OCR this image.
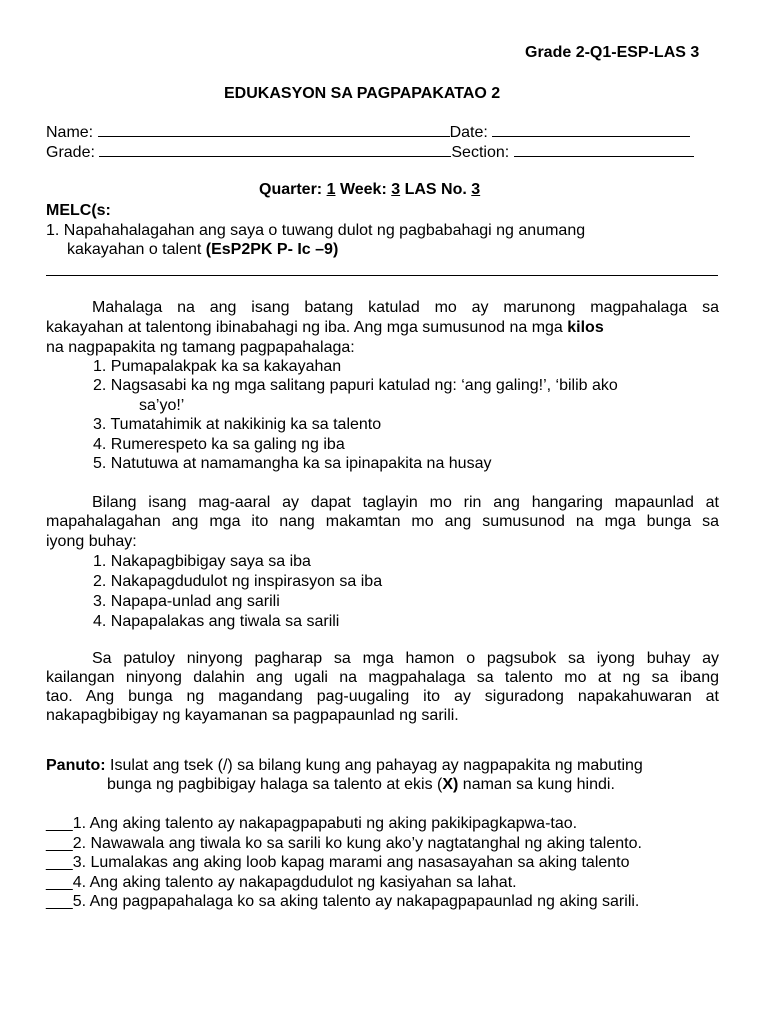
Grade 2-Q1-ESP-LAS 3
EDUKASYON SA PAGPAPAKATAO 2
Name:	Date:
Grade:	Section:
Quarter: 1 Week: 3 LAS No. 3
MELC(s:
1. Napahahalagahan ang saya o tuwang dulot ng pagbabahagi ng anumang
kakayahan o talent (EsP2PK P- Ic –9)
Mahalaga na ang isang batang katulad mo ay marunong magpahalaga sa
kakayahan at talentong ibinabahagi ng iba. Ang mga sumusunod na mga kilos
na nagpapakita ng tamang pagpapahalaga:
1. Pumapalakpak ka sa kakayahan
2. Nagsasabi ka ng mga salitang papuri katulad ng: ‘ang galing!’, ‘bilib ako
sa’yo!’
3. Tumatahimik at nakikinig ka sa talento
4. Rumerespeto ka sa galing ng iba
5. Natutuwa at namamangha ka sa ipinapakita na husay
Bilang isang mag-aaral ay dapat taglayin mo rin ang hangaring mapaunlad at
mapahalagahan ang mga ito nang makamtan mo ang sumusunod na mga bunga sa
iyong buhay:
1. Nakapagbibigay saya sa iba
2. Nakapagdudulot ng inspirasyon sa iba
3. Napapa-unlad ang sarili
4. Napapalakas ang tiwala sa sarili
Sa patuloy ninyong pagharap sa mga hamon o pagsubok sa iyong buhay ay
kailangan ninyong dalahin ang ugali na magpahalaga sa talento mo at ng sa ibang
tao. Ang bunga ng magandang pag-uugaling ito ay siguradong napakahuwaran at
nakapagbibigay ng kayamanan sa pagpapaunlad ng sarili.
Panuto: Isulat ang tsek (/) sa bilang kung ang pahayag ay nagpapakita ng mabuting
bunga ng pagbibigay halaga sa talento at ekis (X) naman sa kung hindi.
___1. Ang aking talento ay nakapagpapabuti ng aking pakikipagkapwa-tao.
___2. Nawawala ang tiwala ko sa sarili ko kung ako’y nagtatanghal ng aking talento.
___3. Lumalakas ang aking loob kapag marami ang nasasayahan sa aking talento
___4. Ang aking talento ay nakapagdudulot ng kasiyahan sa lahat.
___5. Ang pagpapahalaga ko sa aking talento ay nakapagpapaunlad ng aking sarili.
